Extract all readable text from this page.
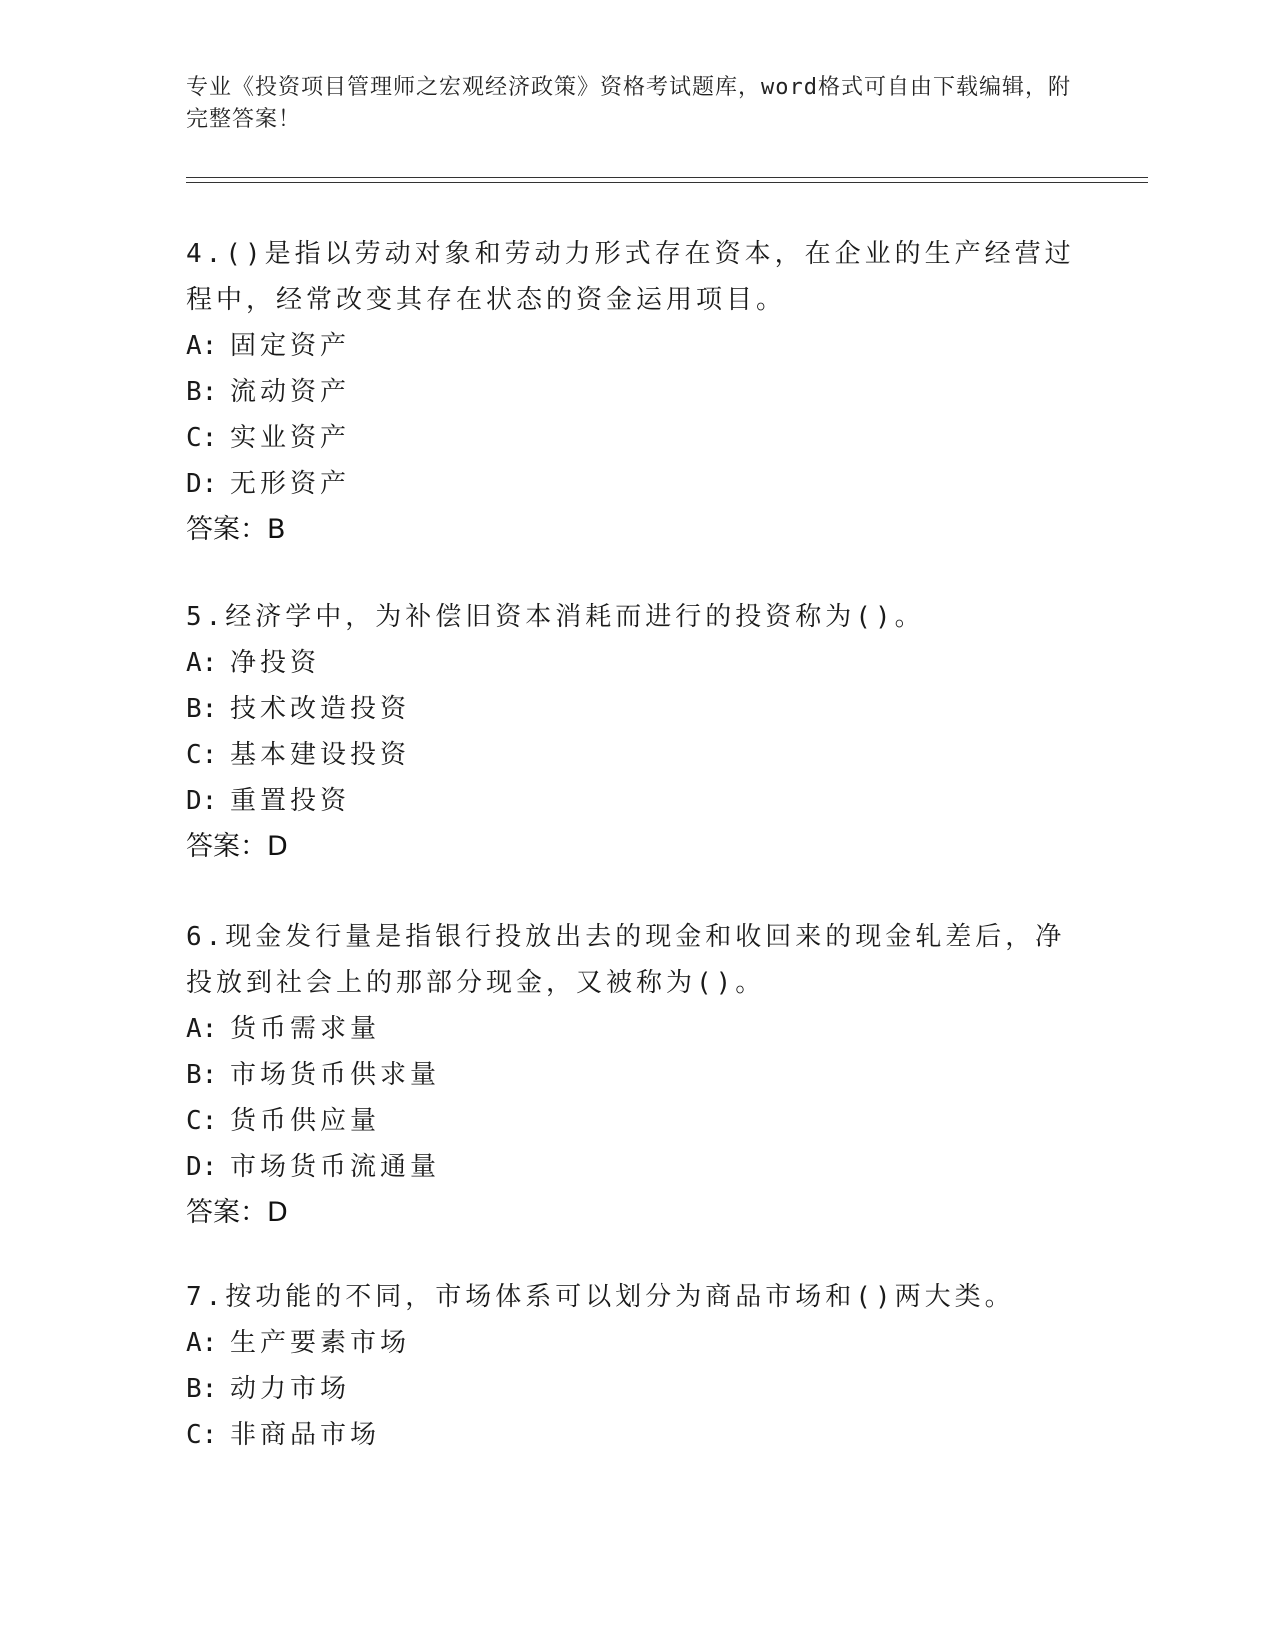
专业《投资项目管理师之宏观经济政策》资格考试题库，word格式可自由下载编辑，附完整答案！

4.()是指以劳动对象和劳动力形式存在资本，在企业的生产经营过程中，经常改变其存在状态的资金运用项目。

A: 固定资产

B: 流动资产

C: 实业资产

D: 无形资产

答案：B

5.经济学中，为补偿旧资本消耗而进行的投资称为()。

A: 净投资

B: 技术改造投资

C: 基本建设投资

D: 重置投资

答案：D

6.现金发行量是指银行投放出去的现金和收回来的现金轧差后，净投放到社会上的那部分现金，又被称为()。

A: 货币需求量

B: 市场货币供求量

C: 货币供应量

D: 市场货币流通量

答案：D

7.按功能的不同，市场体系可以划分为商品市场和()两大类。

A: 生产要素市场

B: 动力市场

C: 非商品市场
